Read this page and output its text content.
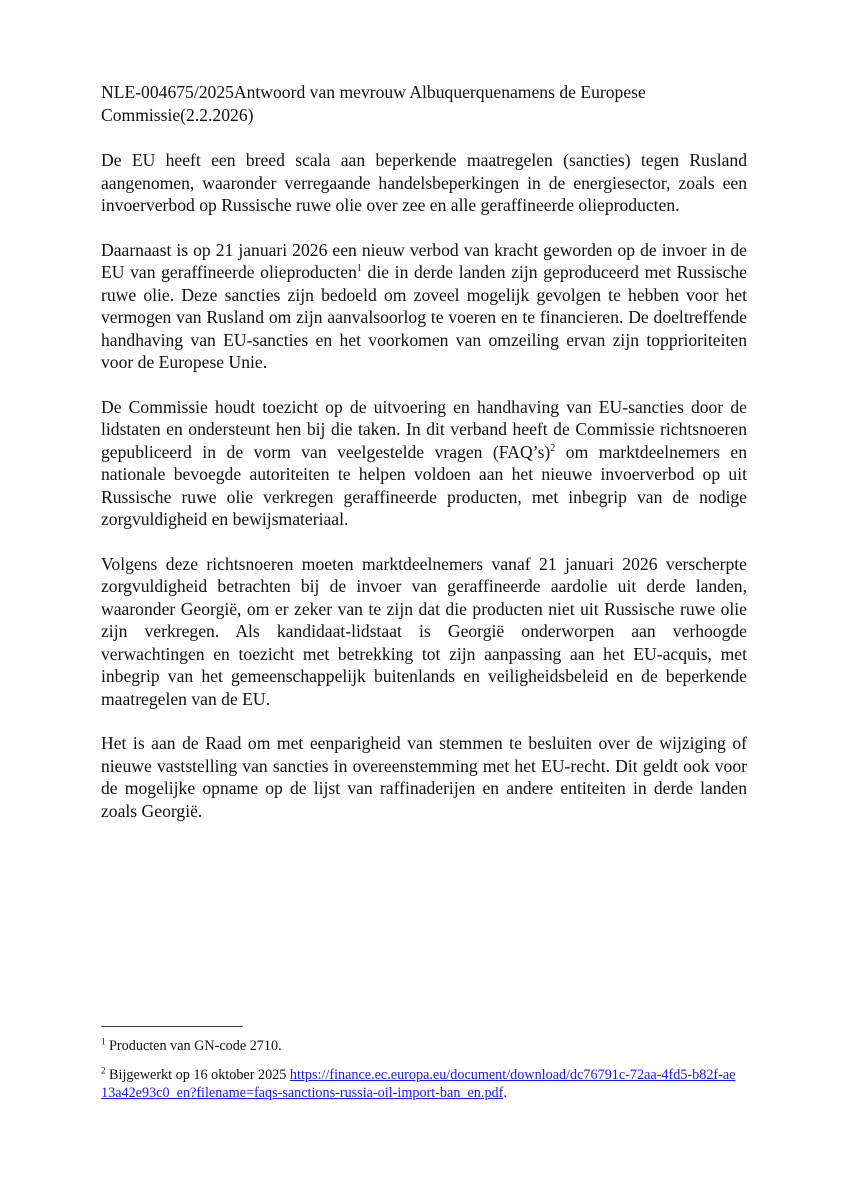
NLE-004675/2025Antwoord van mevrouw Albuquerquenamens de Europese Commissie(2.2.2026)

De EU heeft een breed scala aan beperkende maatregelen (sancties) tegen Rusland aangenomen, waaronder verregaande handelsbeperkingen in de energiesector, zoals een invoerverbod op Russische ruwe olie over zee en alle geraffineerde olieproducten.

Daarnaast is op 21 januari 2026 een nieuw verbod van kracht geworden op de invoer in de EU van geraffineerde olieproducten$^1$ die in derde landen zijn geproduceerd met Russische ruwe olie. Deze sancties zijn bedoeld om zoveel mogelijk gevolgen te hebben voor het vermogen van Rusland om zijn aanvalsoorlog te voeren en te financieren. De doeltreffende handhaving van EU-sancties en het voorkomen van omzeiling ervan zijn topprioriteiten voor de Europese Unie.

De Commissie houdt toezicht op de uitvoering en handhaving van EU-sancties door de lidstaten en ondersteunt hen bij die taken. In dit verband heeft de Commissie richtsnoeren gepubliceerd in de vorm van veelgestelde vragen (FAQ’s)$^2$ om marktdeelnemers en nationale bevoegde autoriteiten te helpen voldoen aan het nieuwe invoerverbod op uit Russische ruwe olie verkregen geraffineerde producten, met inbegrip van de nodige zorgvuldigheid en bewijsmateriaal.

Volgens deze richtsnoeren moeten marktdeelnemers vanaf 21 januari 2026 verscherpte zorgvuldigheid betrachten bij de invoer van geraffineerde aardolie uit derde landen, waaronder Georgië, om er zeker van te zijn dat die producten niet uit Russische ruwe olie zijn verkregen. Als kandidaat-lidstaat is Georgië onderworpen aan verhoogde verwachtingen en toezicht met betrekking tot zijn aanpassing aan het EU-acquis, met inbegrip van het gemeenschappelijk buitenlands en veiligheidsbeleid en de beperkende maatregelen van de EU.

Het is aan de Raad om met eenparigheid van stemmen te besluiten over de wijziging of nieuwe vaststelling van sancties in overeenstemming met het EU-recht. Dit geldt ook voor de mogelijke opname op de lijst van raffinaderijen en andere entiteiten in derde landen zoals Georgië.

$^1$ Producten van GN-code 2710.

$^2$ Bijgewerkt op 16 oktober 2025 https://finance.ec.europa.eu/document/download/dc76791c-72aa-4fd5-b82f-ae13a42e93c0_en?filename=faqs-sanctions-russia-oil-import-ban_en.pdf.
